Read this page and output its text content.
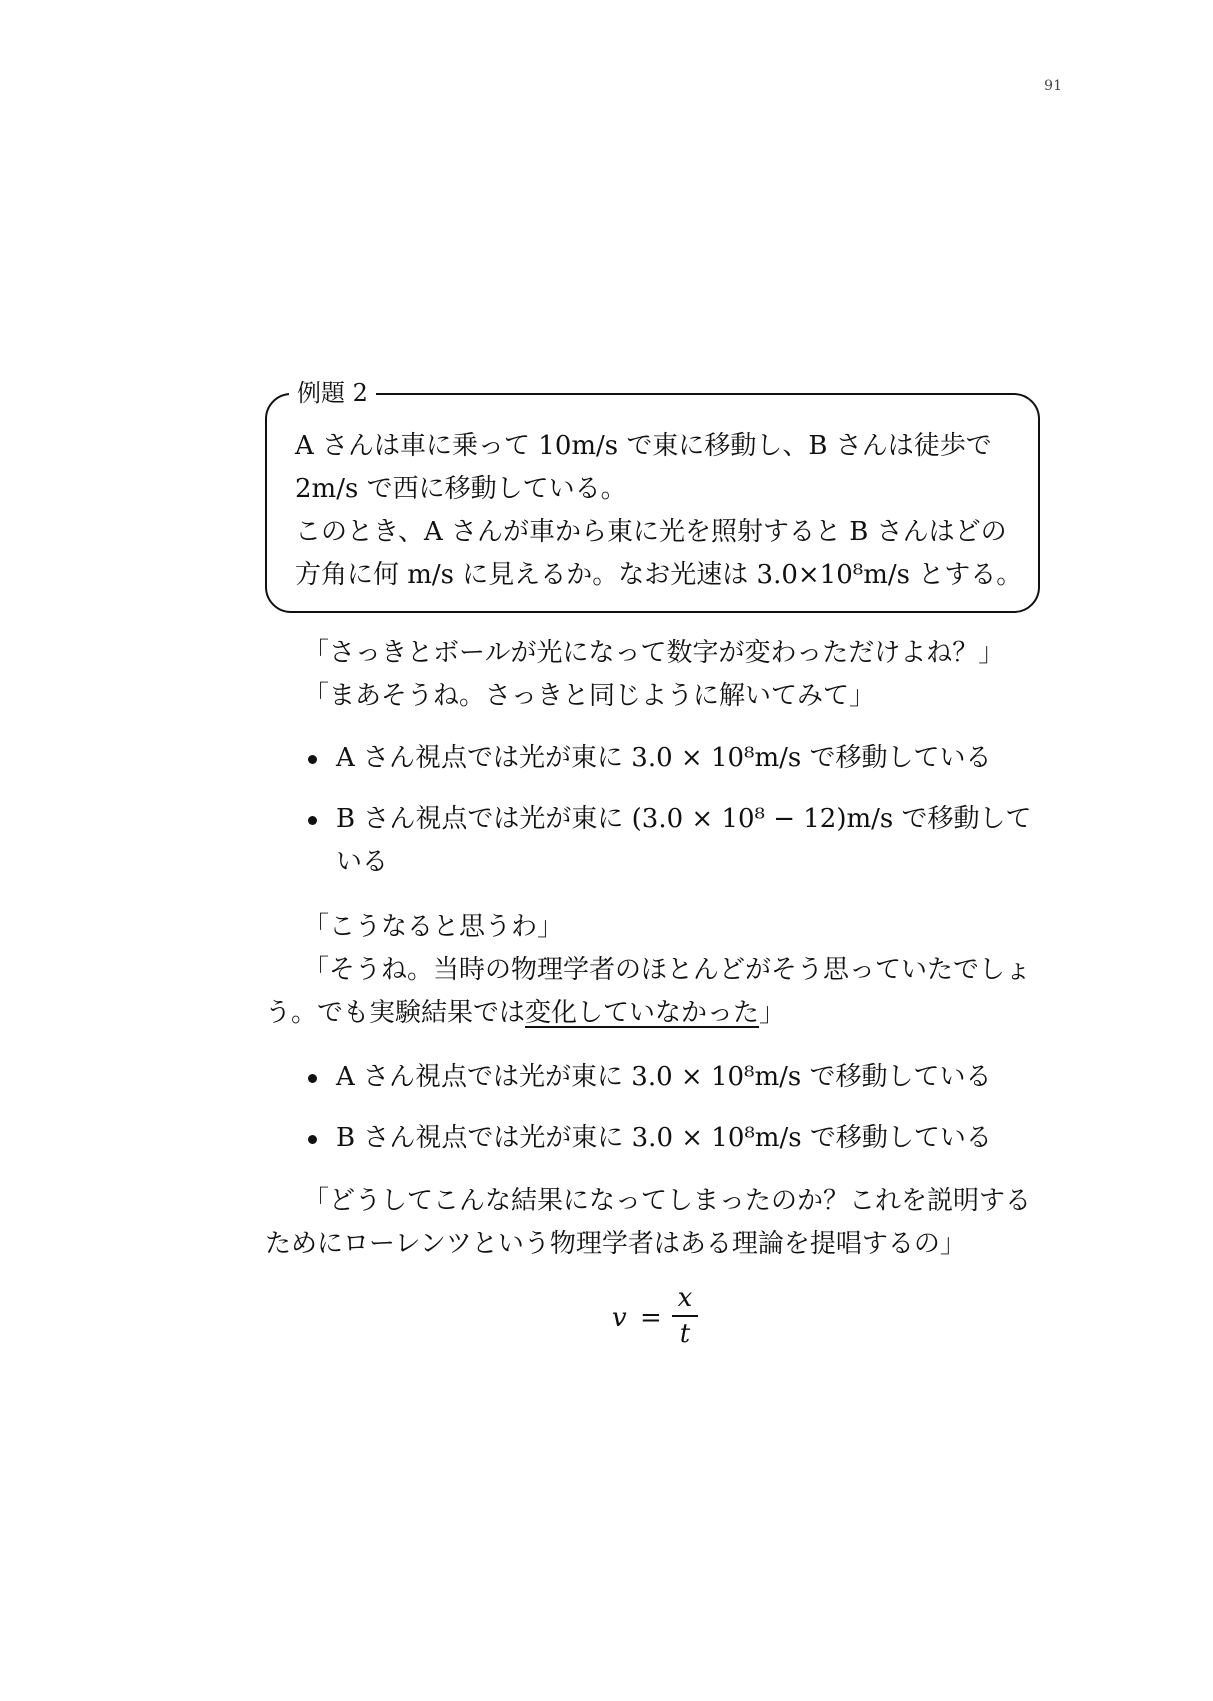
91
例題 2
A さんは車に乗って 10m/s で東に移動し、B さんは徒歩で
2m/s で西に移動している。
このとき、A さんが車から東に光を照射すると B さんはどの
方角に何 m/s に見えるか。なお光速は 3.0×10⁸m/s とする。
「さっきとボールが光になって数字が変わっただけよね？」
「まあそうね。さっきと同じように解いてみて」
A さん視点では光が東に 3.0 × 10⁸m/s で移動している
B さん視点では光が東に (3.0 × 10⁸ − 12)m/s で移動して
いる
「こうなると思うわ」
「そうね。当時の物理学者のほとんどがそう思っていたでしょ
う。でも実験結果では変化していなかった」
A さん視点では光が東に 3.0 × 10⁸m/s で移動している
B さん視点では光が東に 3.0 × 10⁸m/s で移動している
「どうしてこんな結果になってしまったのか？これを説明する
ためにローレンツという物理学者はある理論を提唱するの」
v =
x
t
